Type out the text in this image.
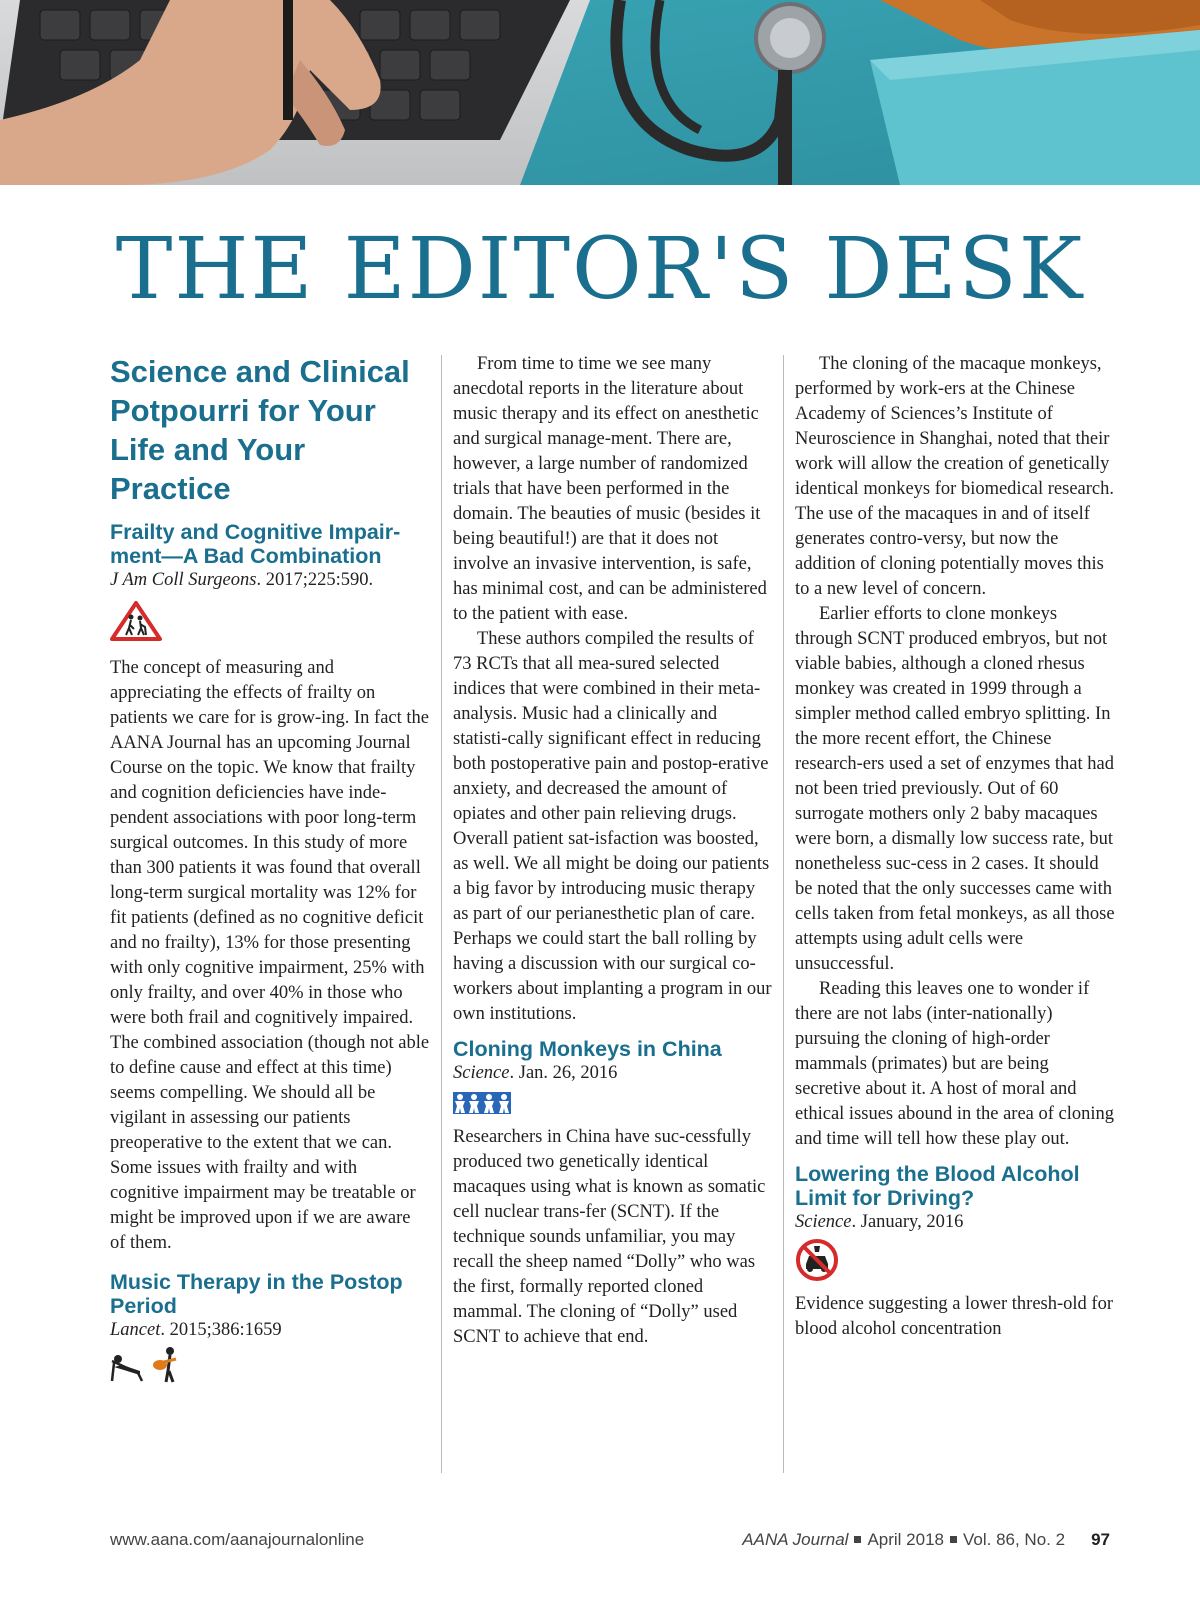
THE EDITOR'S DESK
Science and Clinical Potpourri for Your Life and Your Practice
Frailty and Cognitive Impair-ment—A Bad Combination

J Am Coll Surgeons. 2017;225:590.

The concept of measuring and appreciating the effects of frailty on patients we care for is grow-ing. In fact the AANA Journal has an upcoming Journal Course on the topic. We know that frailty and cognition deficiencies have inde-pendent associations with poor long-term surgical outcomes. In this study of more than 300 patients it was found that overall long-term surgical mortality was 12% for fit patients (defined as no cognitive deficit and no frailty), 13% for those presenting with only cognitive impairment, 25% with only frailty, and over 40% in those who were both frail and cognitively impaired. The combined association (though not able to define cause and effect at this time) seems compelling. We should all be vigilant in assessing our patients preoperative to the extent that we can. Some issues with frailty and with cognitive impairment may be treatable or might be improved upon if we are aware of them.

Music Therapy in the Postop Period

Lancet. 2015;386:1659

From time to time we see many anecdotal reports in the literature about music therapy and its effect on anesthetic and surgical manage-ment. There are, however, a large number of randomized trials that have been performed in the domain. The beauties of music (besides it being beautiful!) are that it does not involve an invasive intervention, is safe, has minimal cost, and can be administered to the patient with ease.

These authors compiled the results of 73 RCTs that all mea-sured selected indices that were combined in their meta-analysis. Music had a clinically and statisti-cally significant effect in reducing both postoperative pain and postop-erative anxiety, and decreased the amount of opiates and other pain relieving drugs. Overall patient sat-isfaction was boosted, as well. We all might be doing our patients a big favor by introducing music therapy as part of our perianesthetic plan of care. Perhaps we could start the ball rolling by having a discussion with our surgical co-workers about implanting a program in our own institutions.

Cloning Monkeys in China

Science. Jan. 26, 2016

Researchers in China have suc-cessfully produced two genetically identical macaques using what is known as somatic cell nuclear trans-fer (SCNT). If the technique sounds unfamiliar, you may recall the sheep named “Dolly” who was the first, formally reported cloned mammal. The cloning of “Dolly” used SCNT to achieve that end.

The cloning of the macaque monkeys, performed by work-ers at the Chinese Academy of Sciences’s Institute of Neuroscience in Shanghai, noted that their work will allow the creation of genetically identical monkeys for biomedical research. The use of the macaques in and of itself generates contro-versy, but now the addition of cloning potentially moves this to a new level of concern.

Earlier efforts to clone monkeys through SCNT produced embryos, but not viable babies, although a cloned rhesus monkey was created in 1999 through a simpler method called embryo splitting. In the more recent effort, the Chinese research-ers used a set of enzymes that had not been tried previously. Out of 60 surrogate mothers only 2 baby macaques were born, a dismally low success rate, but nonetheless suc-cess in 2 cases. It should be noted that the only successes came with cells taken from fetal monkeys, as all those attempts using adult cells were unsuccessful.

Reading this leaves one to wonder if there are not labs (inter-nationally) pursuing the cloning of high-order mammals (primates) but are being secretive about it. A host of moral and ethical issues abound in the area of cloning and time will tell how these play out.

Lowering the Blood Alcohol Limit for Driving?

Science. January, 2016

Evidence suggesting a lower thresh-old for blood alcohol concentration

www.aana.com/aanajournalonline	AANA Journal April 2018 Vol. 86, No. 2 97
